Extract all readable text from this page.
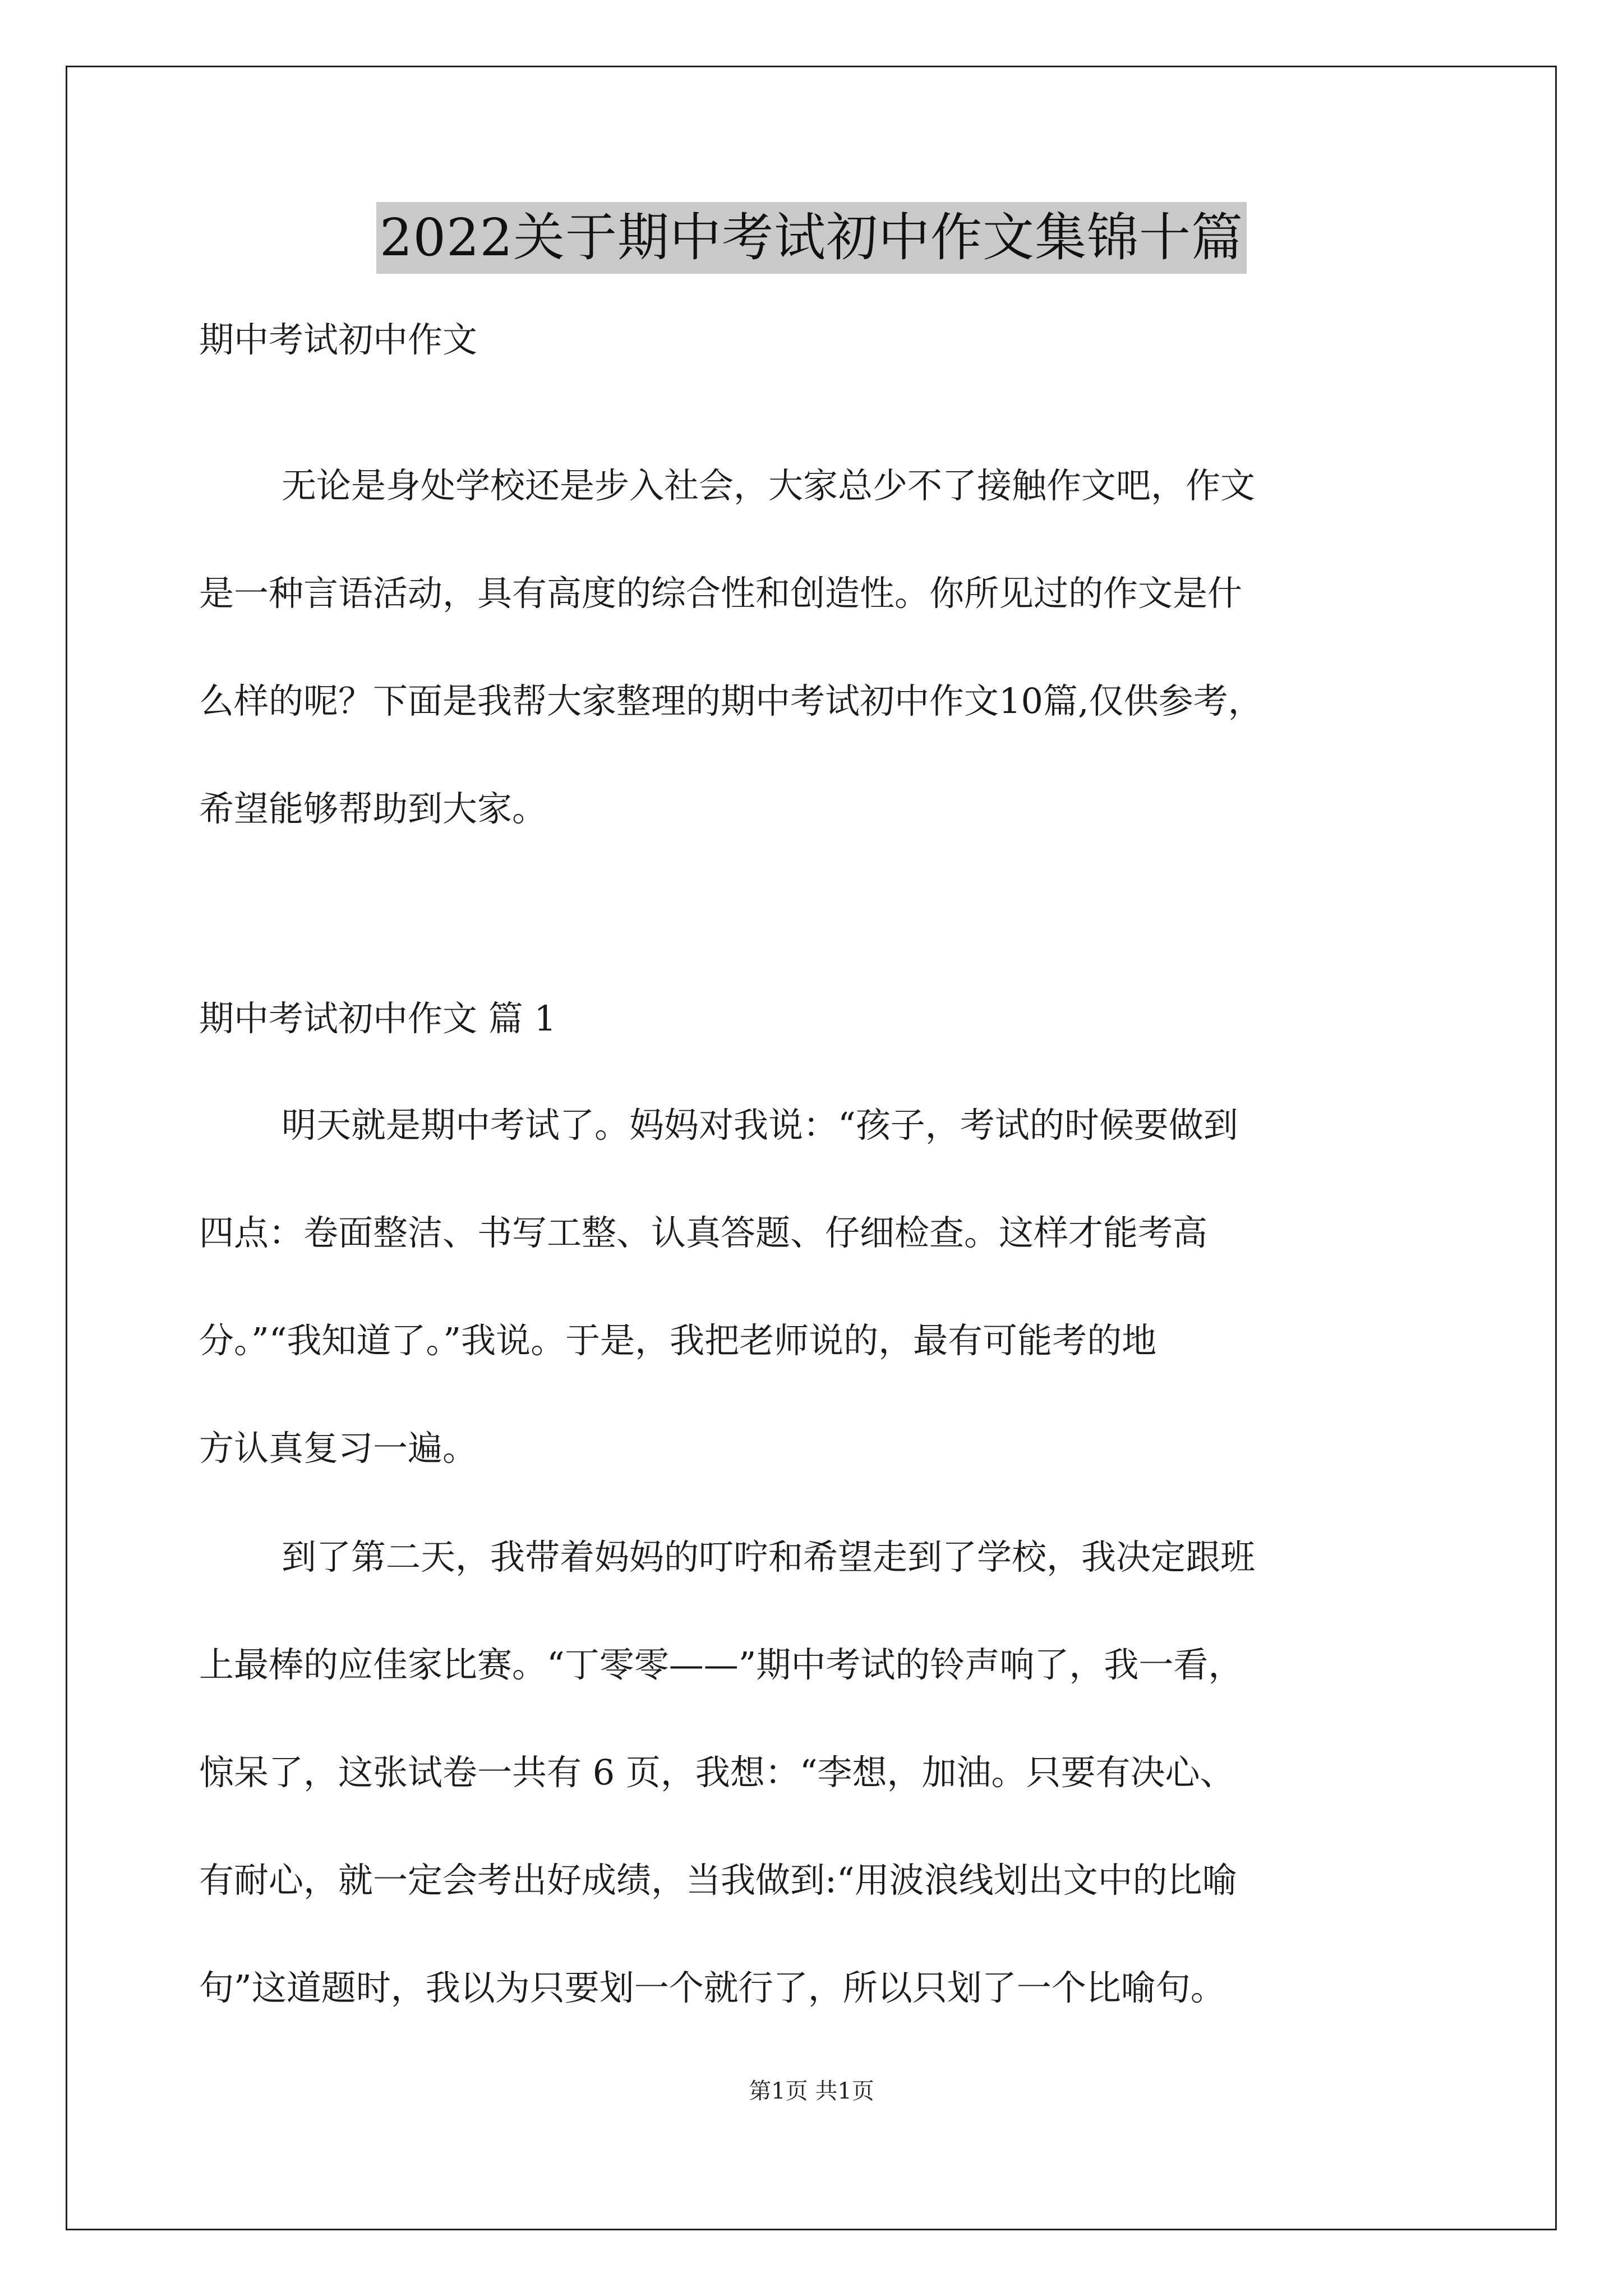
2022关于期中考试初中作文集锦十篇
期中考试初中作文
无论是身处学校还是步入社会，大家总少不了接触作文吧，作文
是一种言语活动，具有高度的综合性和创造性。你所见过的作文是什
么样的呢？下面是我帮大家整理的期中考试初中作文10篇,仅供参考，
希望能够帮助到大家。
期中考试初中作文 篇 1
明天就是期中考试了。妈妈对我说：“孩子，考试的时候要做到
四点：卷面整洁、书写工整、认真答题、仔细检查。这样才能考高
分。”“我知道了。”我说。于是，我把老师说的，最有可能考的地
方认真复习一遍。
到了第二天，我带着妈妈的叮咛和希望走到了学校，我决定跟班
上最棒的应佳家比赛。“丁零零——”期中考试的铃声响了，我一看，
惊呆了，这张试卷一共有 6 页，我想：“李想，加油。只要有决心、
有耐心，就一定会考出好成绩，当我做到:“用波浪线划出文中的比喻
句”这道题时，我以为只要划一个就行了，所以只划了一个比喻句。
第1页 共1页
